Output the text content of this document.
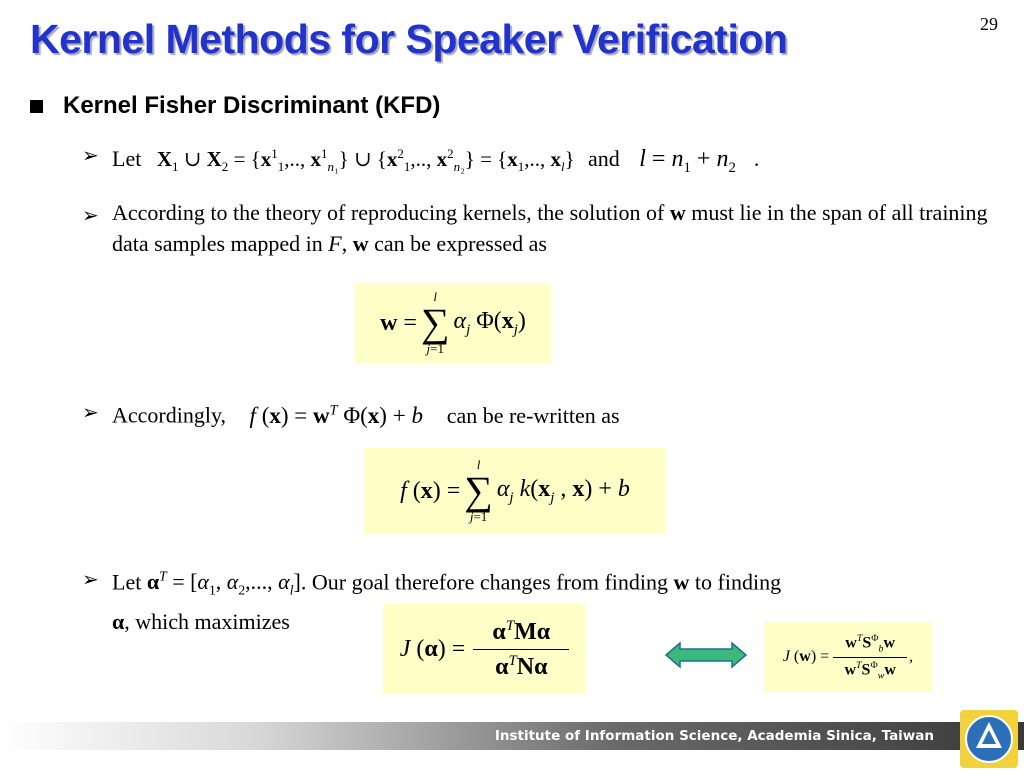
Kernel Methods for Speaker Verification	29
Kernel Fisher Discriminant (KFD)
➢ Let $X_1$ ∪ $X_2 = \{x^1_1$,.., $x^1_{n_1}$} ∪ {$x^2_1$,.., $x^2_{n_2}\} = \{x_1$,.., $x_l$} and $l = n_1 + n_2$ .
➢ According to the theory of reproducing kernels, the solution of w must lie in the span of all training data samples mapped in F, w can be expressed as
w =
l
∑
j=1
$\alpha_j$ $\Phi(x_j)$
➢ Accordingly, f $(x) = w^T$ Φ(x) + b can be re-written as
f (x) =
l
∑
j=1
$\alpha_j$ $k(x_j$ , x) + b
➢ Let $\alpha^T = [\alpha_1$, $\alpha_2$,..., $\alpha_l$]. Our goal therefore changes from finding w to finding
α, which maximizes
J (α) =
$\alpha^TM\alpha$
$\alpha^TN\alpha$	J (w) =
$w^TS^\Phi_bw$
$w^TS^\Phi_ww$
,
Institute of Information Science, Academia Sinica, Taiwan
